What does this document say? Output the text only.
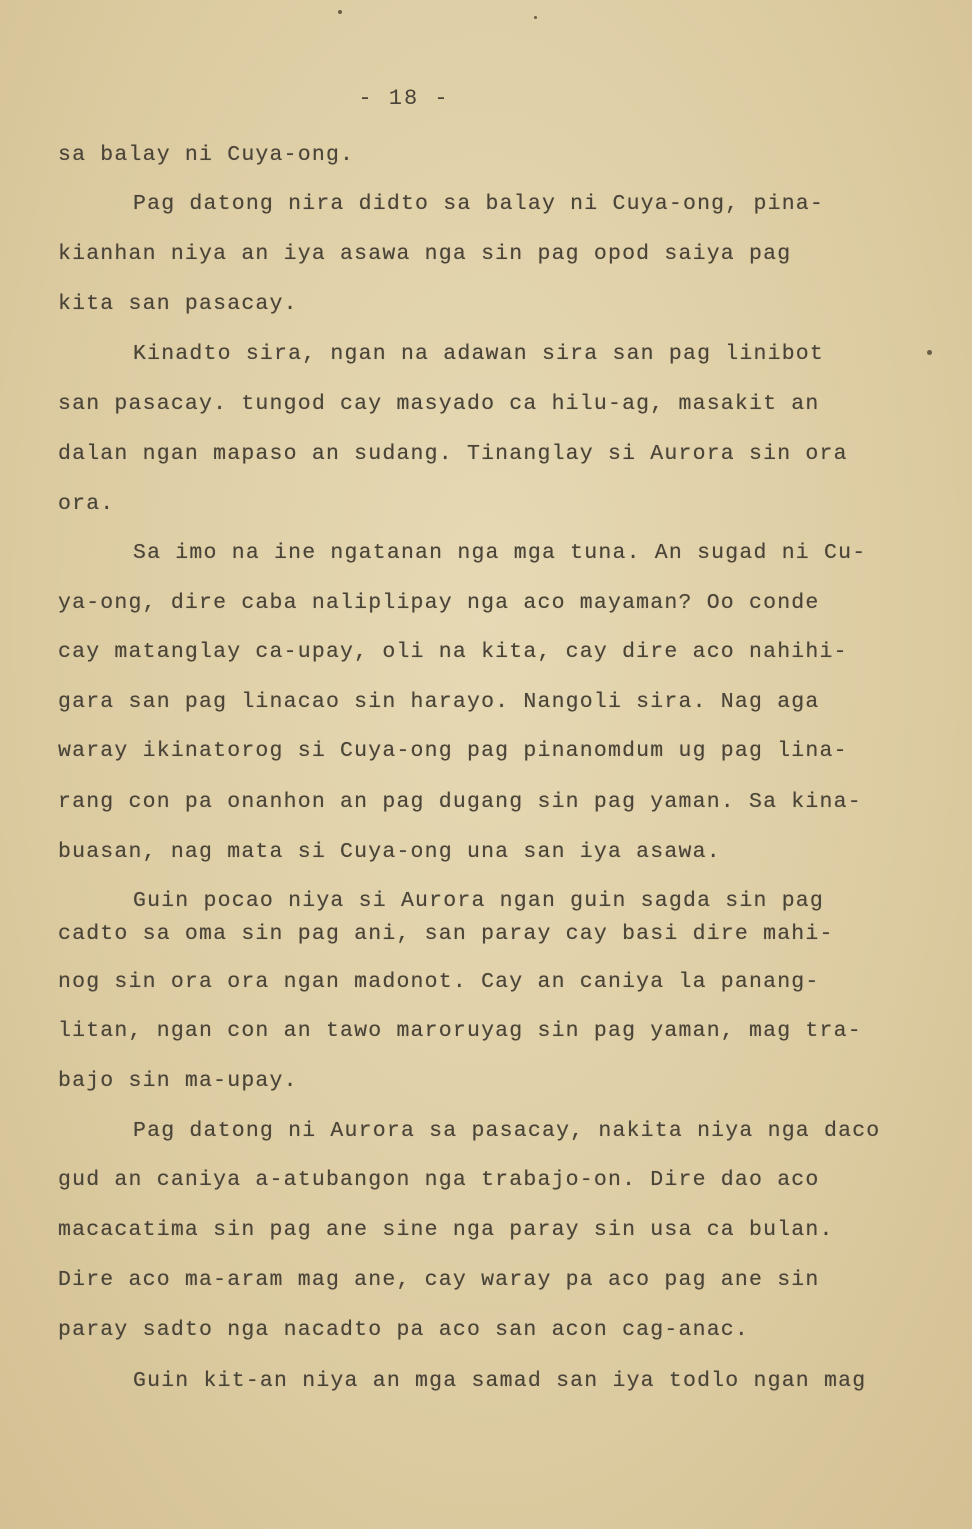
- 18 -
sa balay ni Cuya-ong.
Pag datong nira didto sa balay ni Cuya-ong, pina-
kianhan niya an iya asawa nga sin pag opod saiya pag
kita san pasacay.
Kinadto sira, ngan na adawan sira san pag linibot
san pasacay. tungod cay masyado ca hilu-ag, masakit an
dalan ngan mapaso an sudang. Tinanglay si Aurora sin ora
ora.
Sa imo na ine ngatanan nga mga tuna. An sugad ni Cu-
ya-ong, dire caba naliplipay nga aco mayaman? Oo conde
cay matanglay ca-upay, oli na kita, cay dire aco nahihi-
gara san pag linacao sin harayo. Nangoli sira. Nag aga
waray ikinatorog si Cuya-ong pag pinanomdum ug pag lina-
rang con pa onanhon an pag dugang sin pag yaman. Sa kina-
buasan, nag mata si Cuya-ong una san iya asawa.
Guin pocao niya si Aurora ngan guin sagda sin pag
cadto sa oma sin pag ani, san paray cay basi dire mahi-
nog sin ora ora ngan madonot. Cay an caniya la panang-
litan, ngan con an tawo maroruyag sin pag yaman, mag tra-
bajo sin ma-upay.
Pag datong ni Aurora sa pasacay, nakita niya nga daco
gud an caniya a-atubangon nga trabajo-on. Dire dao aco
macacatima sin pag ane sine nga paray sin usa ca bulan.
Dire aco ma-aram mag ane, cay waray pa aco pag ane sin
paray sadto nga nacadto pa aco san acon cag-anac.
Guin kit-an niya an mga samad san iya todlo ngan mag
